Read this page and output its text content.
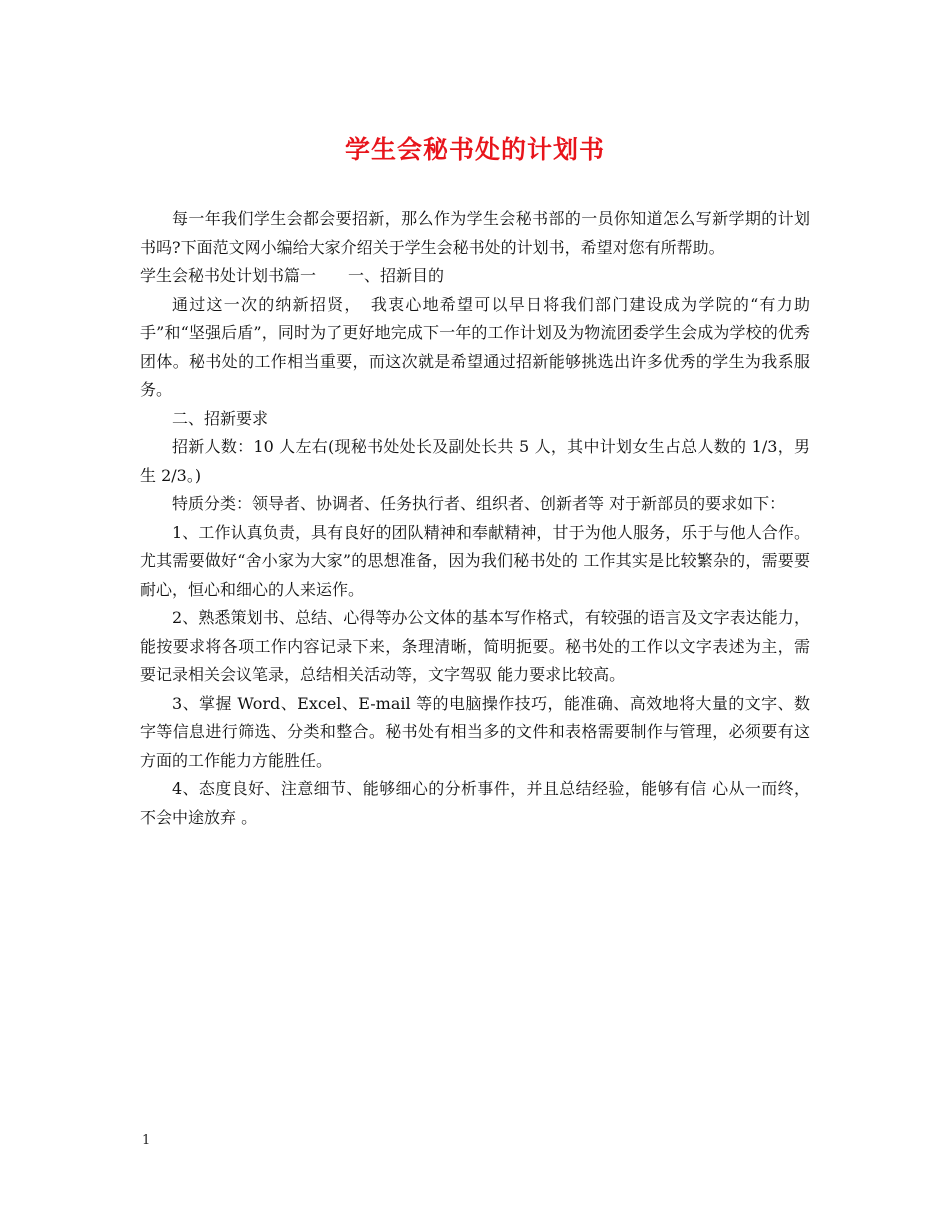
学生会秘书处的计划书

每一年我们学生会都会要招新，那么作为学生会秘书部的一员你知道怎么写新学期的计划书吗?下面范文网小编给大家介绍关于学生会秘书处的计划书，希望对您有所帮助。

学生会秘书处计划书篇一　　一、招新目的

通过这一次的纳新招贤，　我衷心地希望可以早日将我们部门建设成为学院的“有力助手”和“坚强后盾”，同时为了更好地完成下一年的工作计划及为物流团委学生会成为学校的优秀团体。秘书处的工作相当重要，而这次就是希望通过招新能够挑选出许多优秀的学生为我系服务。

二、招新要求

招新人数：10 人左右(现秘书处处长及副处长共 5 人，其中计划女生占总人数的 1/3，男生 2/3。)

特质分类：领导者、协调者、任务执行者、组织者、创新者等 对于新部员的要求如下：

1、工作认真负责，具有良好的团队精神和奉献精神，甘于为他人服务，乐于与他人合作。尤其需要做好“舍小家为大家”的思想准备，因为我们秘书处的 工作其实是比较繁杂的，需要要耐心，恒心和细心的人来运作。

2、熟悉策划书、总结、心得等办公文体的基本写作格式，有较强的语言及文字表达能力，能按要求将各项工作内容记录下来，条理清晰，简明扼要。秘书处的工作以文字表述为主，需要记录相关会议笔录，总结相关活动等，文字驾驭 能力要求比较高。

3、掌握 Word、Excel、E-mail 等的电脑操作技巧，能准确、高效地将大量的文字、数字等信息进行筛选、分类和整合。秘书处有相当多的文件和表格需要制作与管理，必须要有这方面的工作能力方能胜任。

4、态度良好、注意细节、能够细心的分析事件，并且总结经验，能够有信 心从一而终，不会中途放弃 。

1
